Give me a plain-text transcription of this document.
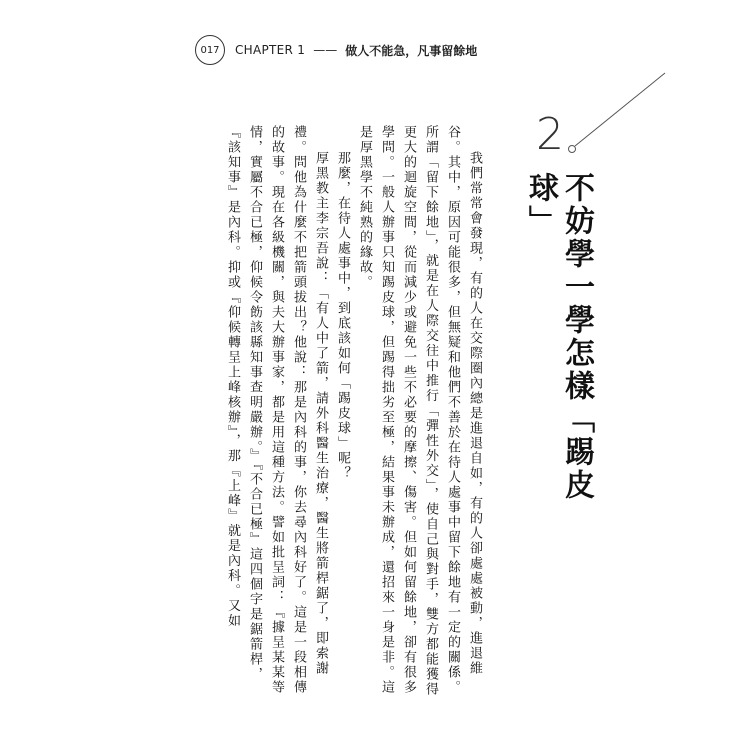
017	CHAPTER 1 —— 做人不能急，凡事留餘地
2
不妨學一學怎樣「踢皮球」

我們常常會發現，有的人在交際圈內總是進退自如，有的人卻處處被動，進退維谷。其中，原因可能很多，但無疑和他們不善於在待人處事中留下餘地有一定的關係。所謂「留下餘地」，就是在人際交往中推行「彈性外交」，使自己與對手，雙方都能獲得更大的迴旋空間，從而減少或避免一些不必要的摩擦、傷害。但如何留餘地，卻有很多學問。一般人辦事只知踢皮球，但踢得拙劣至極，結果事未辦成，還招來一身是非。這是厚黑學不純熟的緣故。

那麼，在待人處事中，到底該如何「踢皮球」呢？

厚黑教主李宗吾說：「有人中了箭，請外科醫生治療，醫生將箭桿鋸了，即索謝禮。問他為什麼不把箭頭拔出？他說：那是內科的事，你去尋內科好了。這是一段相傳的故事。現在各級機關，與夫大辦事家，都是用這種方法。譬如批呈詞：『據呈某某等情，實屬不合已極，仰候令飭該縣知事查明嚴辦。』『不合已極』這四個字是鋸箭桿，『該知事』是內科。抑或『仰候轉呈上峰核辦』，那『上峰』就是內科。又如
